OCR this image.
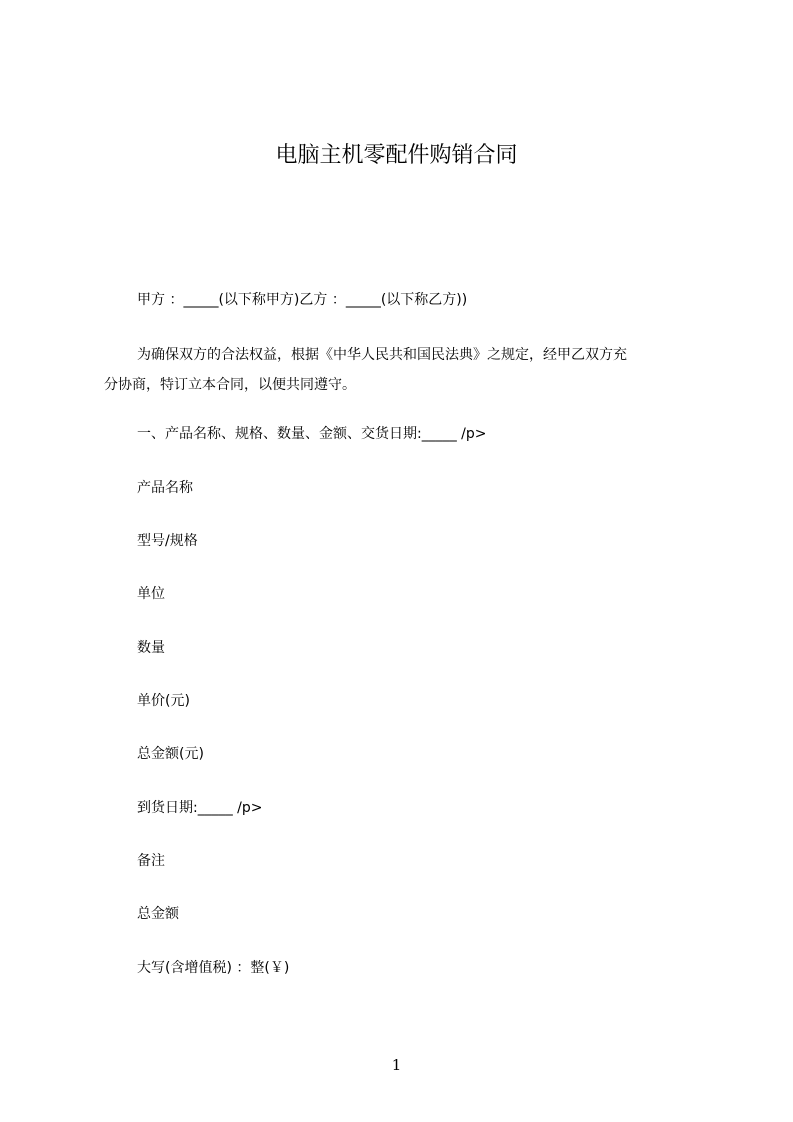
电脑主机零配件购销合同
甲方 ：_____(以下称甲方)乙方 ：_____(以下称乙方))
为确保双方的合法权益，根据《中华人民共和国民法典》之规定，经甲乙双方充
分协商，特订立本合同，以便共同遵守。
一、产品名称、规格、数量、金额、交货日期:_____ /p>
产品名称
型号/规格
单位
数量
单价(元)
总金额(元)
到货日期:_____ /p>
备注
总金额
大写(含增值税) ：整(￥)
1
